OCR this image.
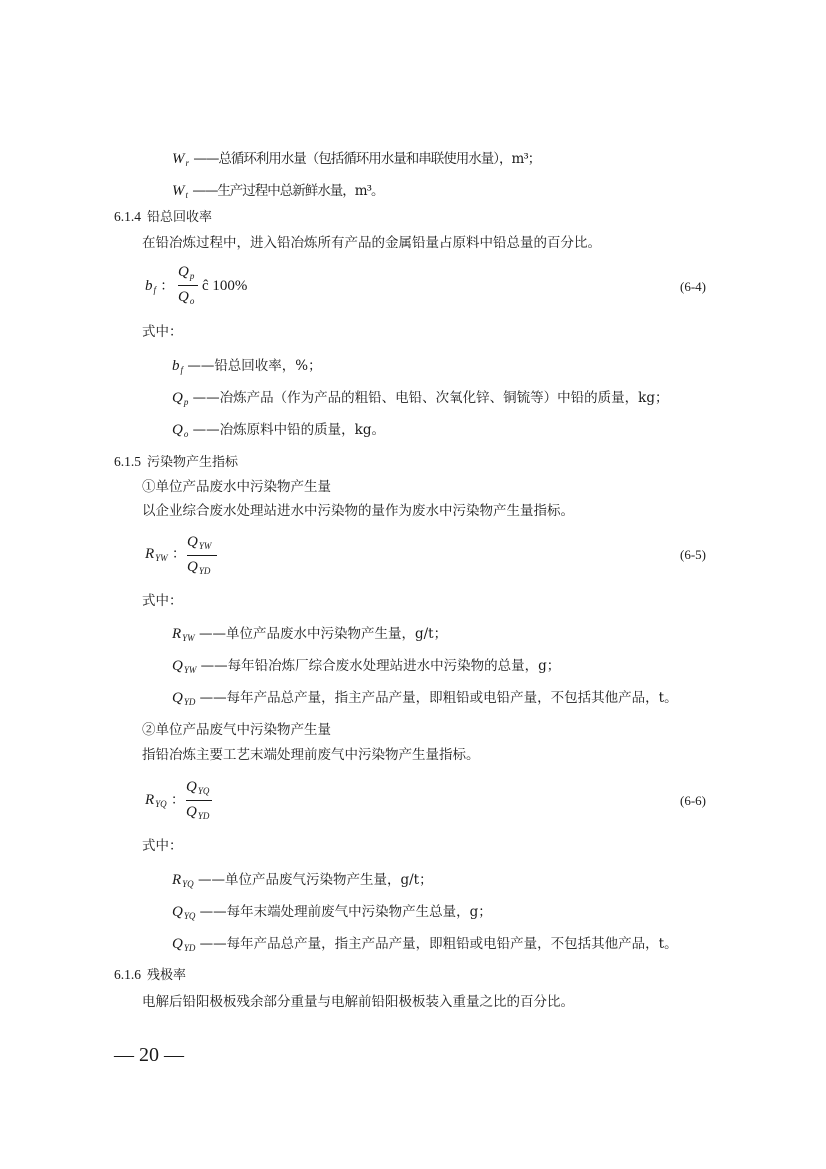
$W_r$ ——总循环利用水量（包括循环用水量和串联使用水量），m³；
$W_t$ ——生产过程中总新鲜水量，m³。
6.1.4 铅总回收率
在铅冶炼过程中，进入铅冶炼所有产品的金属铅量占原料中铅总量的百分比。
$b_f$ ：
$Q_p$
$Q_o$
ĉ 100%	(6-4)
式中：
$b_f$ ——铅总回收率，%；
$Q_p$ ——冶炼产品（作为产品的粗铅、电铅、次氧化锌、铜锍等）中铅的质量，kg；
$Q_o$ ——冶炼原料中铅的质量，kg。
6.1.5 污染物产生指标
①单位产品废水中污染物产生量
以企业综合废水处理站进水中污染物的量作为废水中污染物产生量指标。
$R_{YW}$ ：
$Q_{YW}$
$Q_{YD}$
(6-5)
式中：
$R_{YW}$ ——单位产品废水中污染物产生量，g/t；
$Q_{YW}$ ——每年铅冶炼厂综合废水处理站进水中污染物的总量，g；
$Q_{YD}$ ——每年产品总产量，指主产品产量，即粗铅或电铅产量，不包括其他产品，t。
②单位产品废气中污染物产生量
指铅冶炼主要工艺末端处理前废气中污染物产生量指标。
$R_{YQ}$ ：
$Q_{YQ}$
$Q_{YD}$
(6-6)
式中：
$R_{YQ}$ ——单位产品废气污染物产生量，g/t；
$Q_{YQ}$ ——每年末端处理前废气中污染物产生总量，g；
$Q_{YD}$ ——每年产品总产量，指主产品产量，即粗铅或电铅产量，不包括其他产品，t。
6.1.6 残极率
电解后铅阳极板残余部分重量与电解前铅阳极板装入重量之比的百分比。
— 20 —
